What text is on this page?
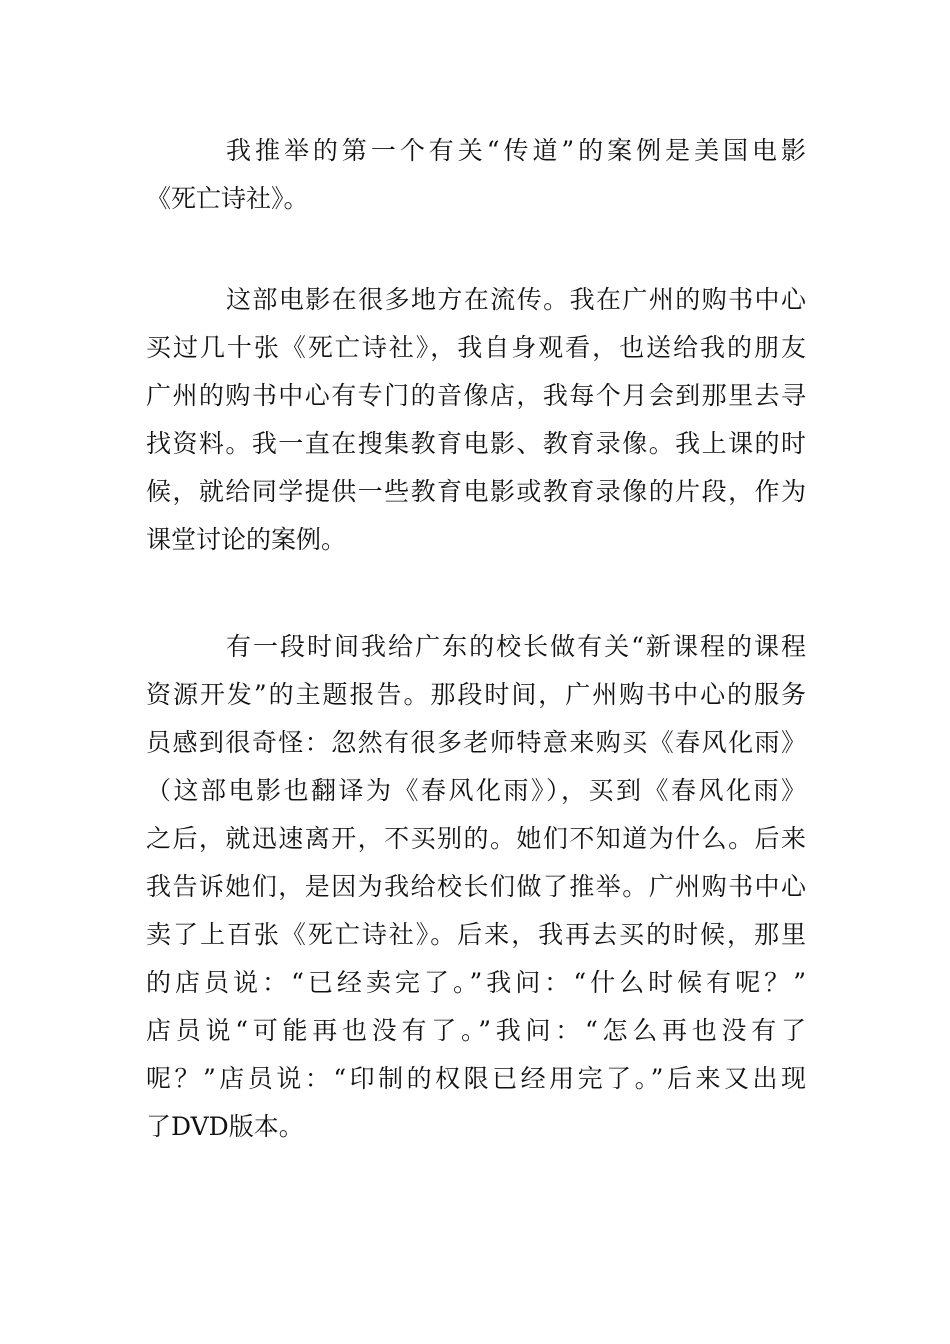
我推举的第一个有关“传道”的案例是美国电影
《死亡诗社》。
这部电影在很多地方在流传。我在广州的购书中心
买过几十张《死亡诗社》，我自身观看，也送给我的朋友
广州的购书中心有专门的音像店，我每个月会到那里去寻
找资料。我一直在搜集教育电影、教育录像。我上课的时
候，就给同学提供一些教育电影或教育录像的片段，作为
课堂讨论的案例。
有一段时间我给广东的校长做有关“新课程的课程
资源开发”的主题报告。那段时间，广州购书中心的服务
员感到很奇怪：忽然有很多老师特意来购买《春风化雨》
（这部电影也翻译为《春风化雨》），买到《春风化雨》
之后，就迅速离开，不买别的。她们不知道为什么。后来
我告诉她们，是因为我给校长们做了推举。广州购书中心
卖了上百张《死亡诗社》。后来，我再去买的时候，那里
的店员说：“已经卖完了。”我问：“什么时候有呢？”
店员说“可能再也没有了。”我问：“怎么再也没有了
呢？”店员说：“印制的权限已经用完了。”后来又出现
了DVD版本。
